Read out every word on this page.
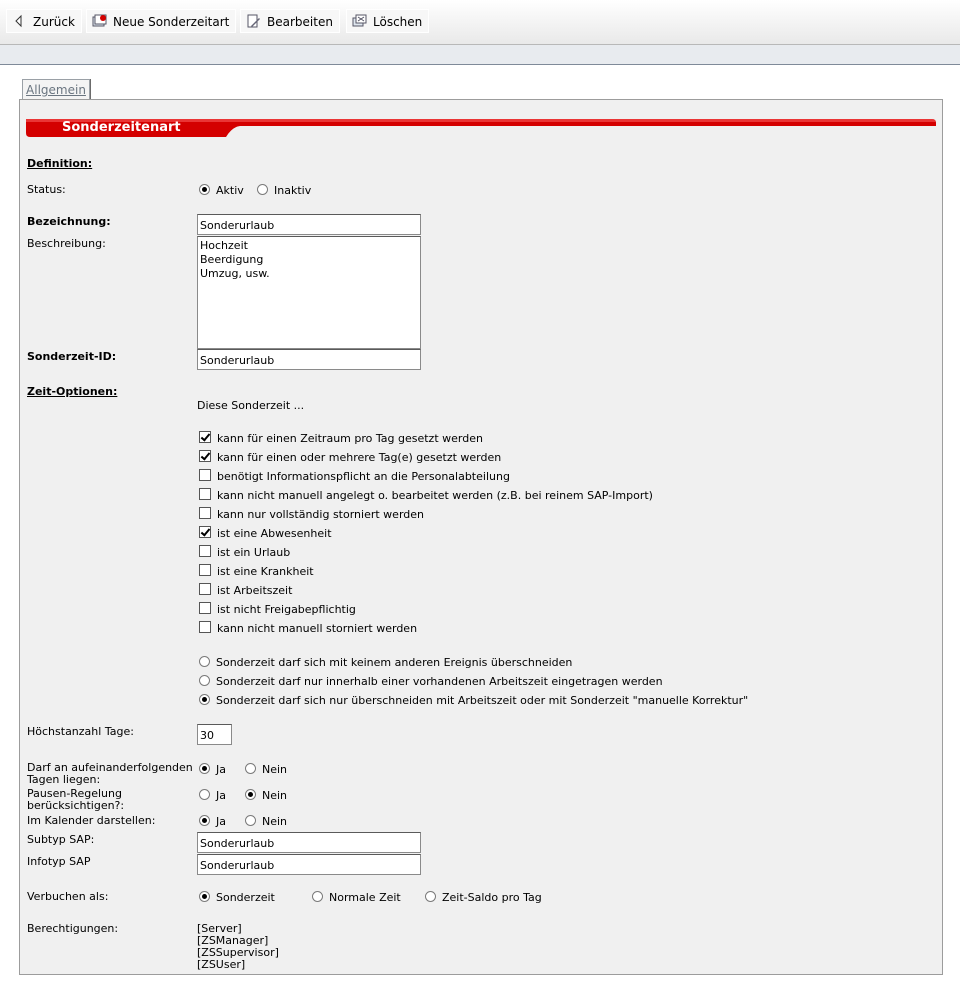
Zurück	Neue Sonderzeitart	Bearbeiten	Löschen
Allgemein
Sonderzeitenart
Definition:
Status:	Aktiv	Inaktiv
Bezeichnung:	Sonderurlaub
Beschreibung:	Hochzeit
Beerdigung
Umzug, usw.
Sonderzeit-ID:	Sonderurlaub
Zeit-Optionen:
Diese Sonderzeit ...
kann für einen Zeitraum pro Tag gesetzt werden
kann für einen oder mehrere Tag(e) gesetzt werden
benötigt Informationspflicht an die Personalabteilung
kann nicht manuell angelegt o. bearbeitet werden (z.B. bei reinem SAP-Import)
kann nur vollständig storniert werden
ist eine Abwesenheit
ist ein Urlaub
ist eine Krankheit
ist Arbeitszeit
ist nicht Freigabepflichtig
kann nicht manuell storniert werden
Sonderzeit darf sich mit keinem anderen Ereignis überschneiden
Sonderzeit darf nur innerhalb einer vorhandenen Arbeitszeit eingetragen werden
Sonderzeit darf sich nur überschneiden mit Arbeitszeit oder mit Sonderzeit "manuelle Korrektur"
Höchstanzahl Tage:	30
Darf an aufeinanderfolgenden
Tagen liegen:
Ja	Nein
Pausen-Regelung
berücksichtigen?:
Ja	Nein
Im Kalender darstellen:	Ja	Nein
Subtyp SAP:	Sonderurlaub
Infotyp SAP	Sonderurlaub
Verbuchen als:	Sonderzeit	Normale Zeit	Zeit-Saldo pro Tag
Berechtigungen:	[Server]
[ZSManager]
[ZSSupervisor]
[ZSUser]
